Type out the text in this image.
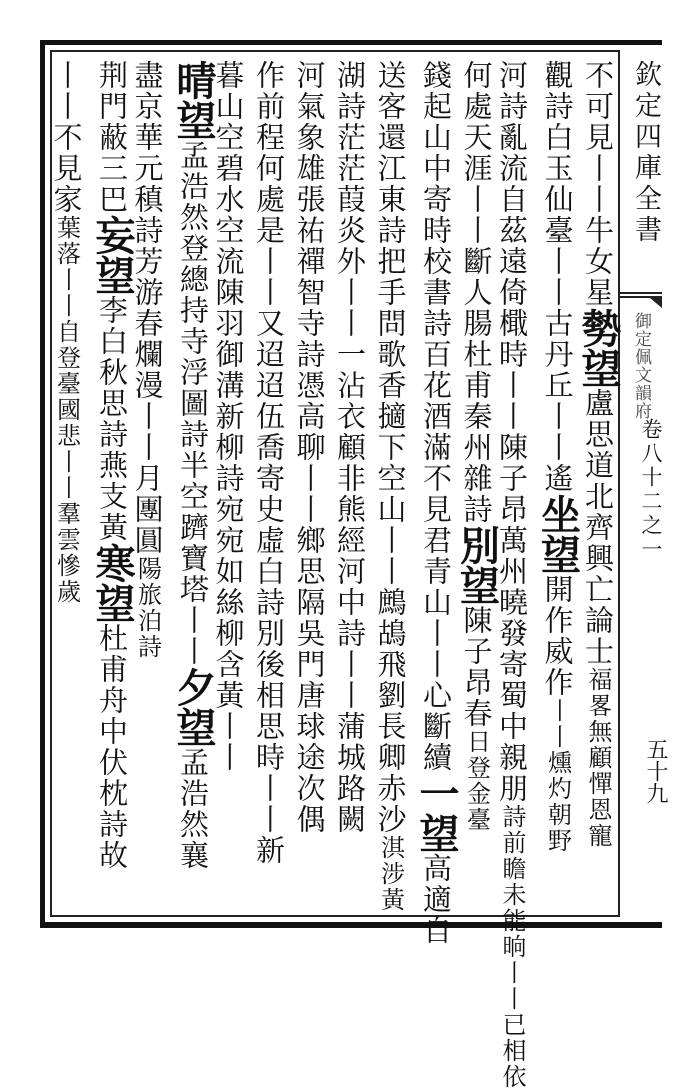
欽定四庫全書
御定佩文韻府
卷八十二之一
五十九
不可見丨丨牛女星勢望盧思道北齊興亡論士福畧無顧憚恩寵
觀詩白玉仙臺丨丨古丹丘丨丨遙坐望開作威作丨丨燻灼朝野
河詩亂流自茲遠倚檝時丨丨陳子昂萬州曉發寄蜀中親朋詩前瞻未能晌丨丨已相依
何處天涯丨丨斷人腸杜甫秦州雜詩別望陳子昂春日登金臺
錢起山中寄時校書詩百花酒滿不見君青山丨丨心斷續一望高適自
送客還江東詩把手問歌香擿下空山丨丨鷓鴣飛劉長卿赤沙淇涉黃
湖詩茫茫葭炎外丨丨一沾衣顧非熊經河中詩丨丨蒲城路闕
河氣象雄張祐禪智寺詩憑高聊丨丨鄉思隔吳門唐球途次偶
作前程何處是丨丨又迢迢伍喬寄史虛白詩別後相思時丨丨新
暮山空碧水空流陳羽御溝新柳詩宛宛如絲柳含黃丨丨
晴望孟浩然登總持寺浮圖詩半空躋寶塔丨丨夕望孟浩然襄
盡京華元稹詩芳游春爛漫丨丨月團圓陽旅泊詩
荆門蔽三巴妄望李白秋思詩燕支黃寒望杜甫舟中伏枕詩故
丨丨不見家葉落丨丨自登臺國悲丨丨羣雲慘歲
